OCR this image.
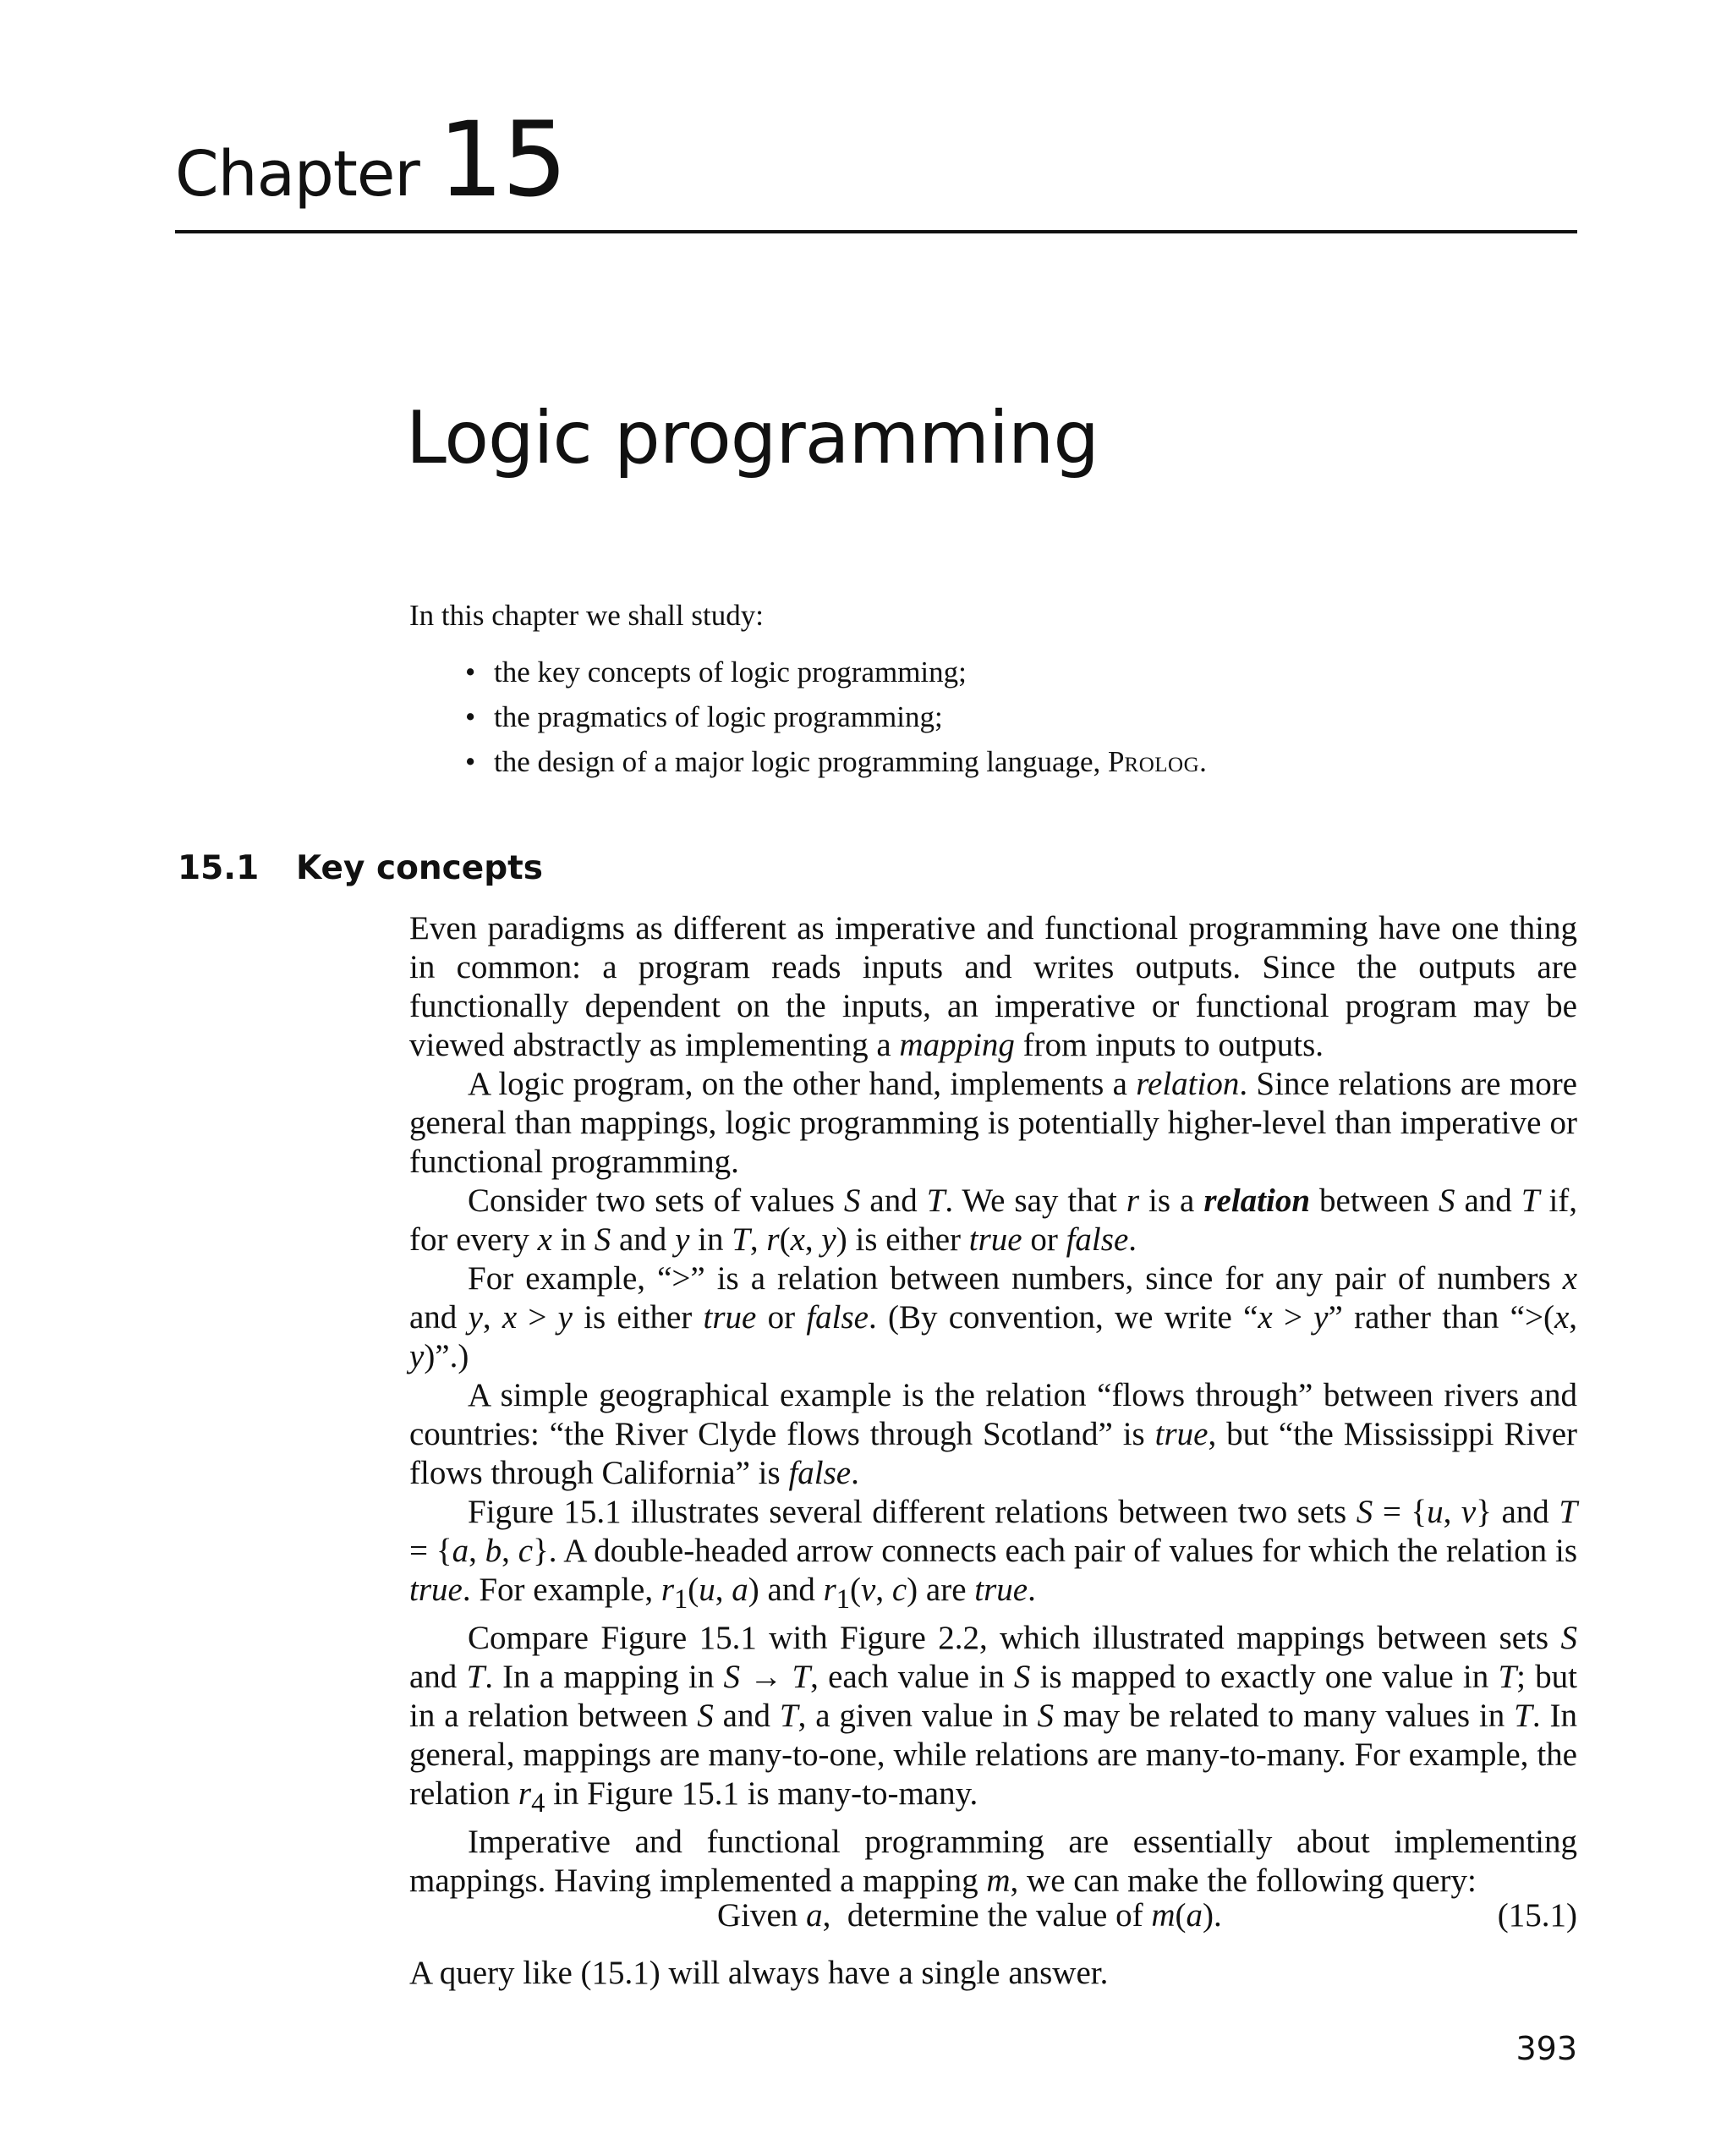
Chapter 15
Logic programming
In this chapter we shall study:
• the key concepts of logic programming;
• the pragmatics of logic programming;
• the design of a major logic programming language, PROLOG.
15.1 Key concepts

Even paradigms as different as imperative and functional programming have one thing in common: a program reads inputs and writes outputs. Since the outputs are functionally dependent on the inputs, an imperative or functional program may be viewed abstractly as implementing a mapping from inputs to outputs.

A logic program, on the other hand, implements a relation. Since relations are more general than mappings, logic programming is potentially higher-level than imperative or functional programming.

Consider two sets of values S and T. We say that r is a relation between S and T if, for every x in S and y in T, r(x, y) is either true or false.

For example, “>” is a relation between numbers, since for any pair of numbers x and y, x > y is either true or false. (By convention, we write “x > y” rather than “>(x, y)”.)

A simple geographical example is the relation “flows through” between rivers and countries: “the River Clyde flows through Scotland” is true, but “the Mississippi River flows through California” is false.

Figure 15.1 illustrates several different relations between two sets S = {u, v} and T = {a, b, c}. A double-headed arrow connects each pair of values for which the relation is true. For example, $r_1(u$, a) and $r_1(v$, c) are true.

Compare Figure 15.1 with Figure 2.2, which illustrated mappings between sets S and T. In a mapping in S → T, each value in S is mapped to exactly one value in T; but in a relation between S and T, a given value in S may be related to many values in T. In general, mappings are many-to-one, while relations are many-to-many. For example, the relation $r_4$ in Figure 15.1 is many-to-many.

Imperative and functional programming are essentially about implementing mappings. Having implemented a mapping m, we can make the following query:

Given a,  determine the value of m(a).	(15.1)
A query like (15.1) will always have a single answer.
393
